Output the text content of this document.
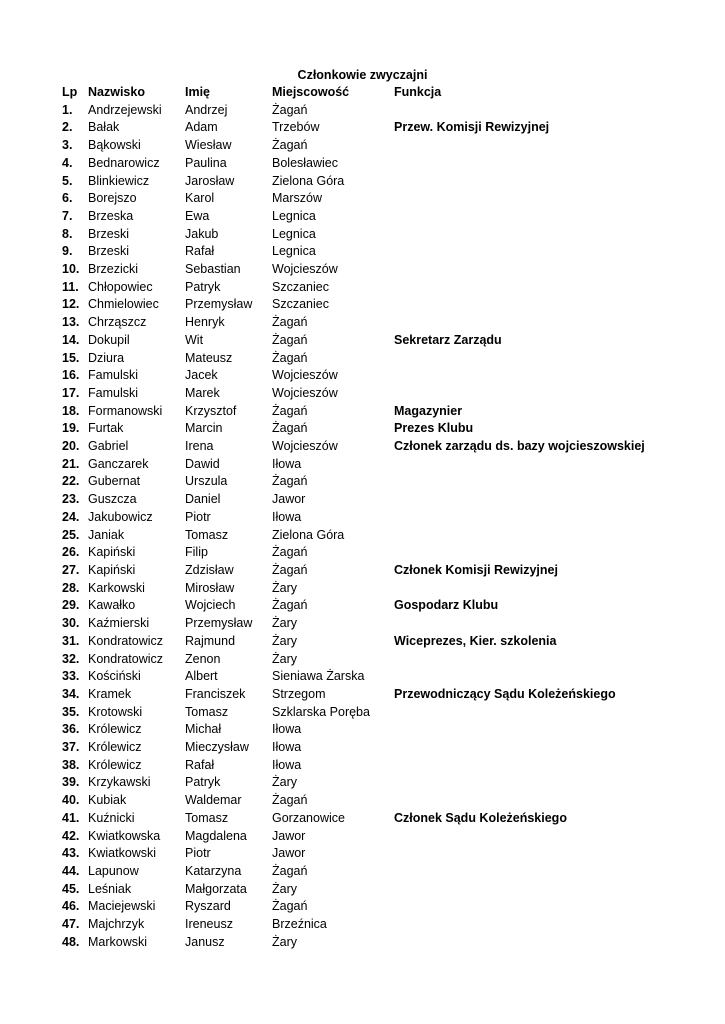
Członkowie zwyczajni
Lp	Nazwisko	Imię	Miejscowość	Funkcja
1.	Andrzejewski	Andrzej	Żagań	
2.	Bałak	Adam	Trzebów	Przew. Komisji Rewizyjnej
3.	Bąkowski	Wiesław	Żagań	
4.	Bednarowicz	Paulina	Bolesławiec	
5.	Blinkiewicz	Jarosław	Zielona Góra	
6.	Borejszo	Karol	Marszów	
7.	Brzeska	Ewa	Legnica	
8.	Brzeski	Jakub	Legnica	
9.	Brzeski	Rafał	Legnica	
10.	Brzezicki	Sebastian	Wojcieszów	
11.	Chłopowiec	Patryk	Szczaniec	
12.	Chmielowiec	Przemysław	Szczaniec	
13.	Chrząszcz	Henryk	Żagań	
14.	Dokupil	Wit	Żagań	Sekretarz Zarządu
15.	Dziura	Mateusz	Żagań	
16.	Famulski	Jacek	Wojcieszów	
17.	Famulski	Marek	Wojcieszów	
18.	Formanowski	Krzysztof	Żagań	Magazynier
19.	Furtak	Marcin	Żagań	Prezes Klubu
20.	Gabriel	Irena	Wojcieszów	Członek zarządu ds. bazy wojcieszowskiej
21.	Ganczarek	Dawid	Iłowa	
22.	Gubernat	Urszula	Żagań	
23.	Guszcza	Daniel	Jawor	
24.	Jakubowicz	Piotr	Iłowa	
25.	Janiak	Tomasz	Zielona Góra	
26.	Kapiński	Filip	Żagań	
27.	Kapiński	Zdzisław	Żagań	Członek Komisji Rewizyjnej
28.	Karkowski	Mirosław	Żary	
29.	Kawałko	Wojciech	Żagań	Gospodarz Klubu
30.	Kaźmierski	Przemysław	Żary	
31.	Kondratowicz	Rajmund	Żary	Wiceprezes, Kier. szkolenia
32.	Kondratowicz	Zenon	Żary	
33.	Kościński	Albert	Sieniawa Żarska	
34.	Kramek	Franciszek	Strzegom	Przewodniczący Sądu Koleżeńskiego
35.	Krotowski	Tomasz	Szklarska Poręba	
36.	Królewicz	Michał	Iłowa	
37.	Królewicz	Mieczysław	Iłowa	
38.	Królewicz	Rafał	Iłowa	
39.	Krzykawski	Patryk	Żary	
40.	Kubiak	Waldemar	Żagań	
41.	Kuźnicki	Tomasz	Gorzanowice	Członek Sądu Koleżeńskiego
42.	Kwiatkowska	Magdalena	Jawor	
43.	Kwiatkowski	Piotr	Jawor	
44.	Lapunow	Katarzyna	Żagań	
45.	Leśniak	Małgorzata	Żary	
46.	Maciejewski	Ryszard	Żagań	
47.	Majchrzyk	Ireneusz	Brzeźnica	
48.	Markowski	Janusz	Żary	
